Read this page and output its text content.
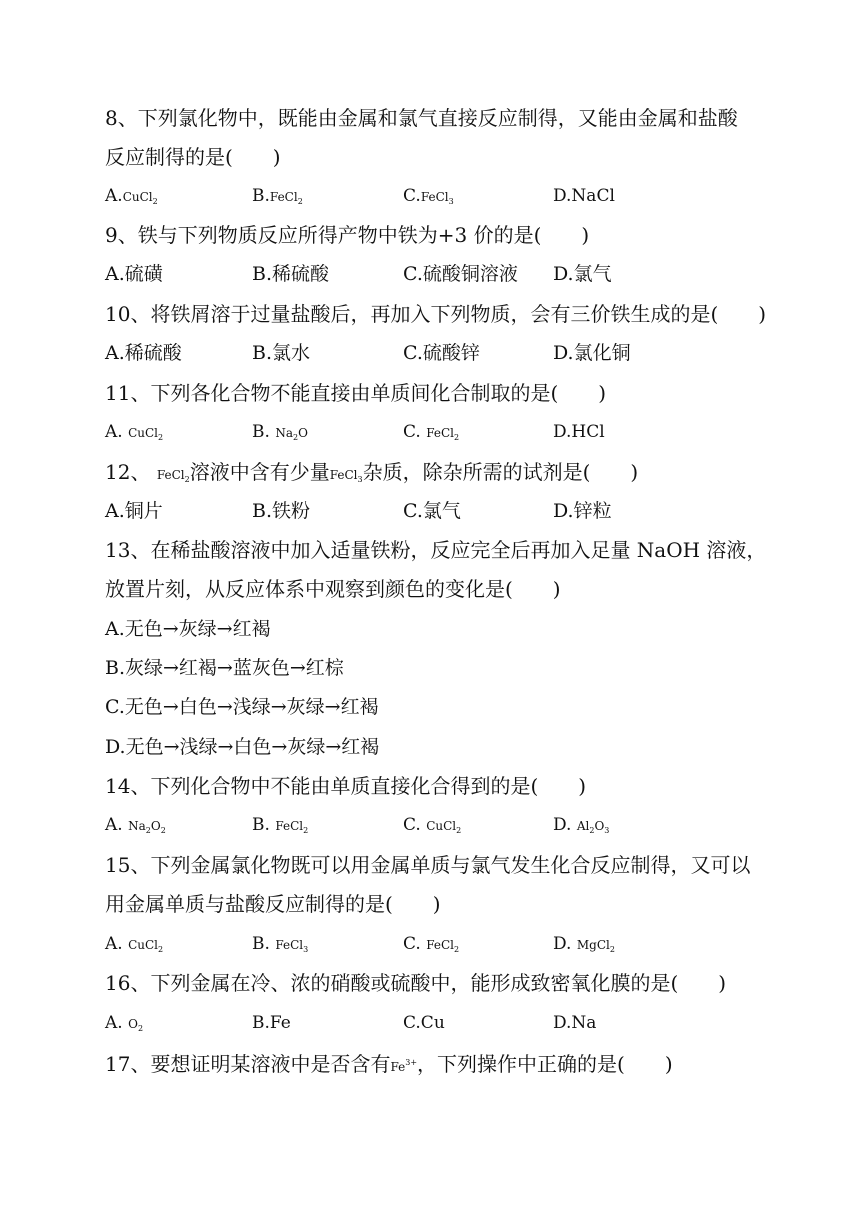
8、下列氯化物中，既能由金属和氯气直接反应制得，又能由金属和盐酸
反应制得的是(　　)
A.CuCl$_2$	B.FeCl$_2$	C.FeCl$_3$	D.NaCl
9、铁与下列物质反应所得产物中铁为+3 价的是(　　)
A.硫磺	B.稀硫酸	C.硫酸铜溶液 D.氯气
10、将铁屑溶于过量盐酸后，再加入下列物质，会有三价铁生成的是(　　)
A.稀硫酸	B.氯水	C.硫酸锌	D.氯化铜
11、下列各化合物不能直接由单质间化合制取的是(　　)
A. CuCl$_2$	B. $Na_2O$	C. FeCl$_2$	D.HCl
12、 FeCl$_2$溶液中含有少量FeCl$_3$杂质，除杂所需的试剂是(　　)
A.铜片	B.铁粉	C.氯气	D.锌粒
13、在稀盐酸溶液中加入适量铁粉，反应完全后再加入足量 NaOH 溶液，
放置片刻，从反应体系中观察到颜色的变化是(　　)
A.无色→灰绿→红褐
B.灰绿→红褐→蓝灰色→红棕
C.无色→白色→浅绿→灰绿→红褐
D.无色→浅绿→白色→灰绿→红褐
14、下列化合物中不能由单质直接化合得到的是(　　)
A. $Na_2O_2$	B. FeCl$_2$	C. CuCl$_2$	D. $Al_2O_3$
15、下列金属氯化物既可以用金属单质与氯气发生化合反应制得，又可以
用金属单质与盐酸反应制得的是(　　)
A. CuCl$_2$	B. FeCl$_3$	C. FeCl$_2$	D. MgCl$_2$
16、下列金属在冷、浓的硝酸或硫酸中，能形成致密氧化膜的是(　　)
A. $O_2$	B.Fe	C.Cu	D.Na
17、要想证明某溶液中是否含有$Fe^{3+}$，下列操作中正确的是(　　)
